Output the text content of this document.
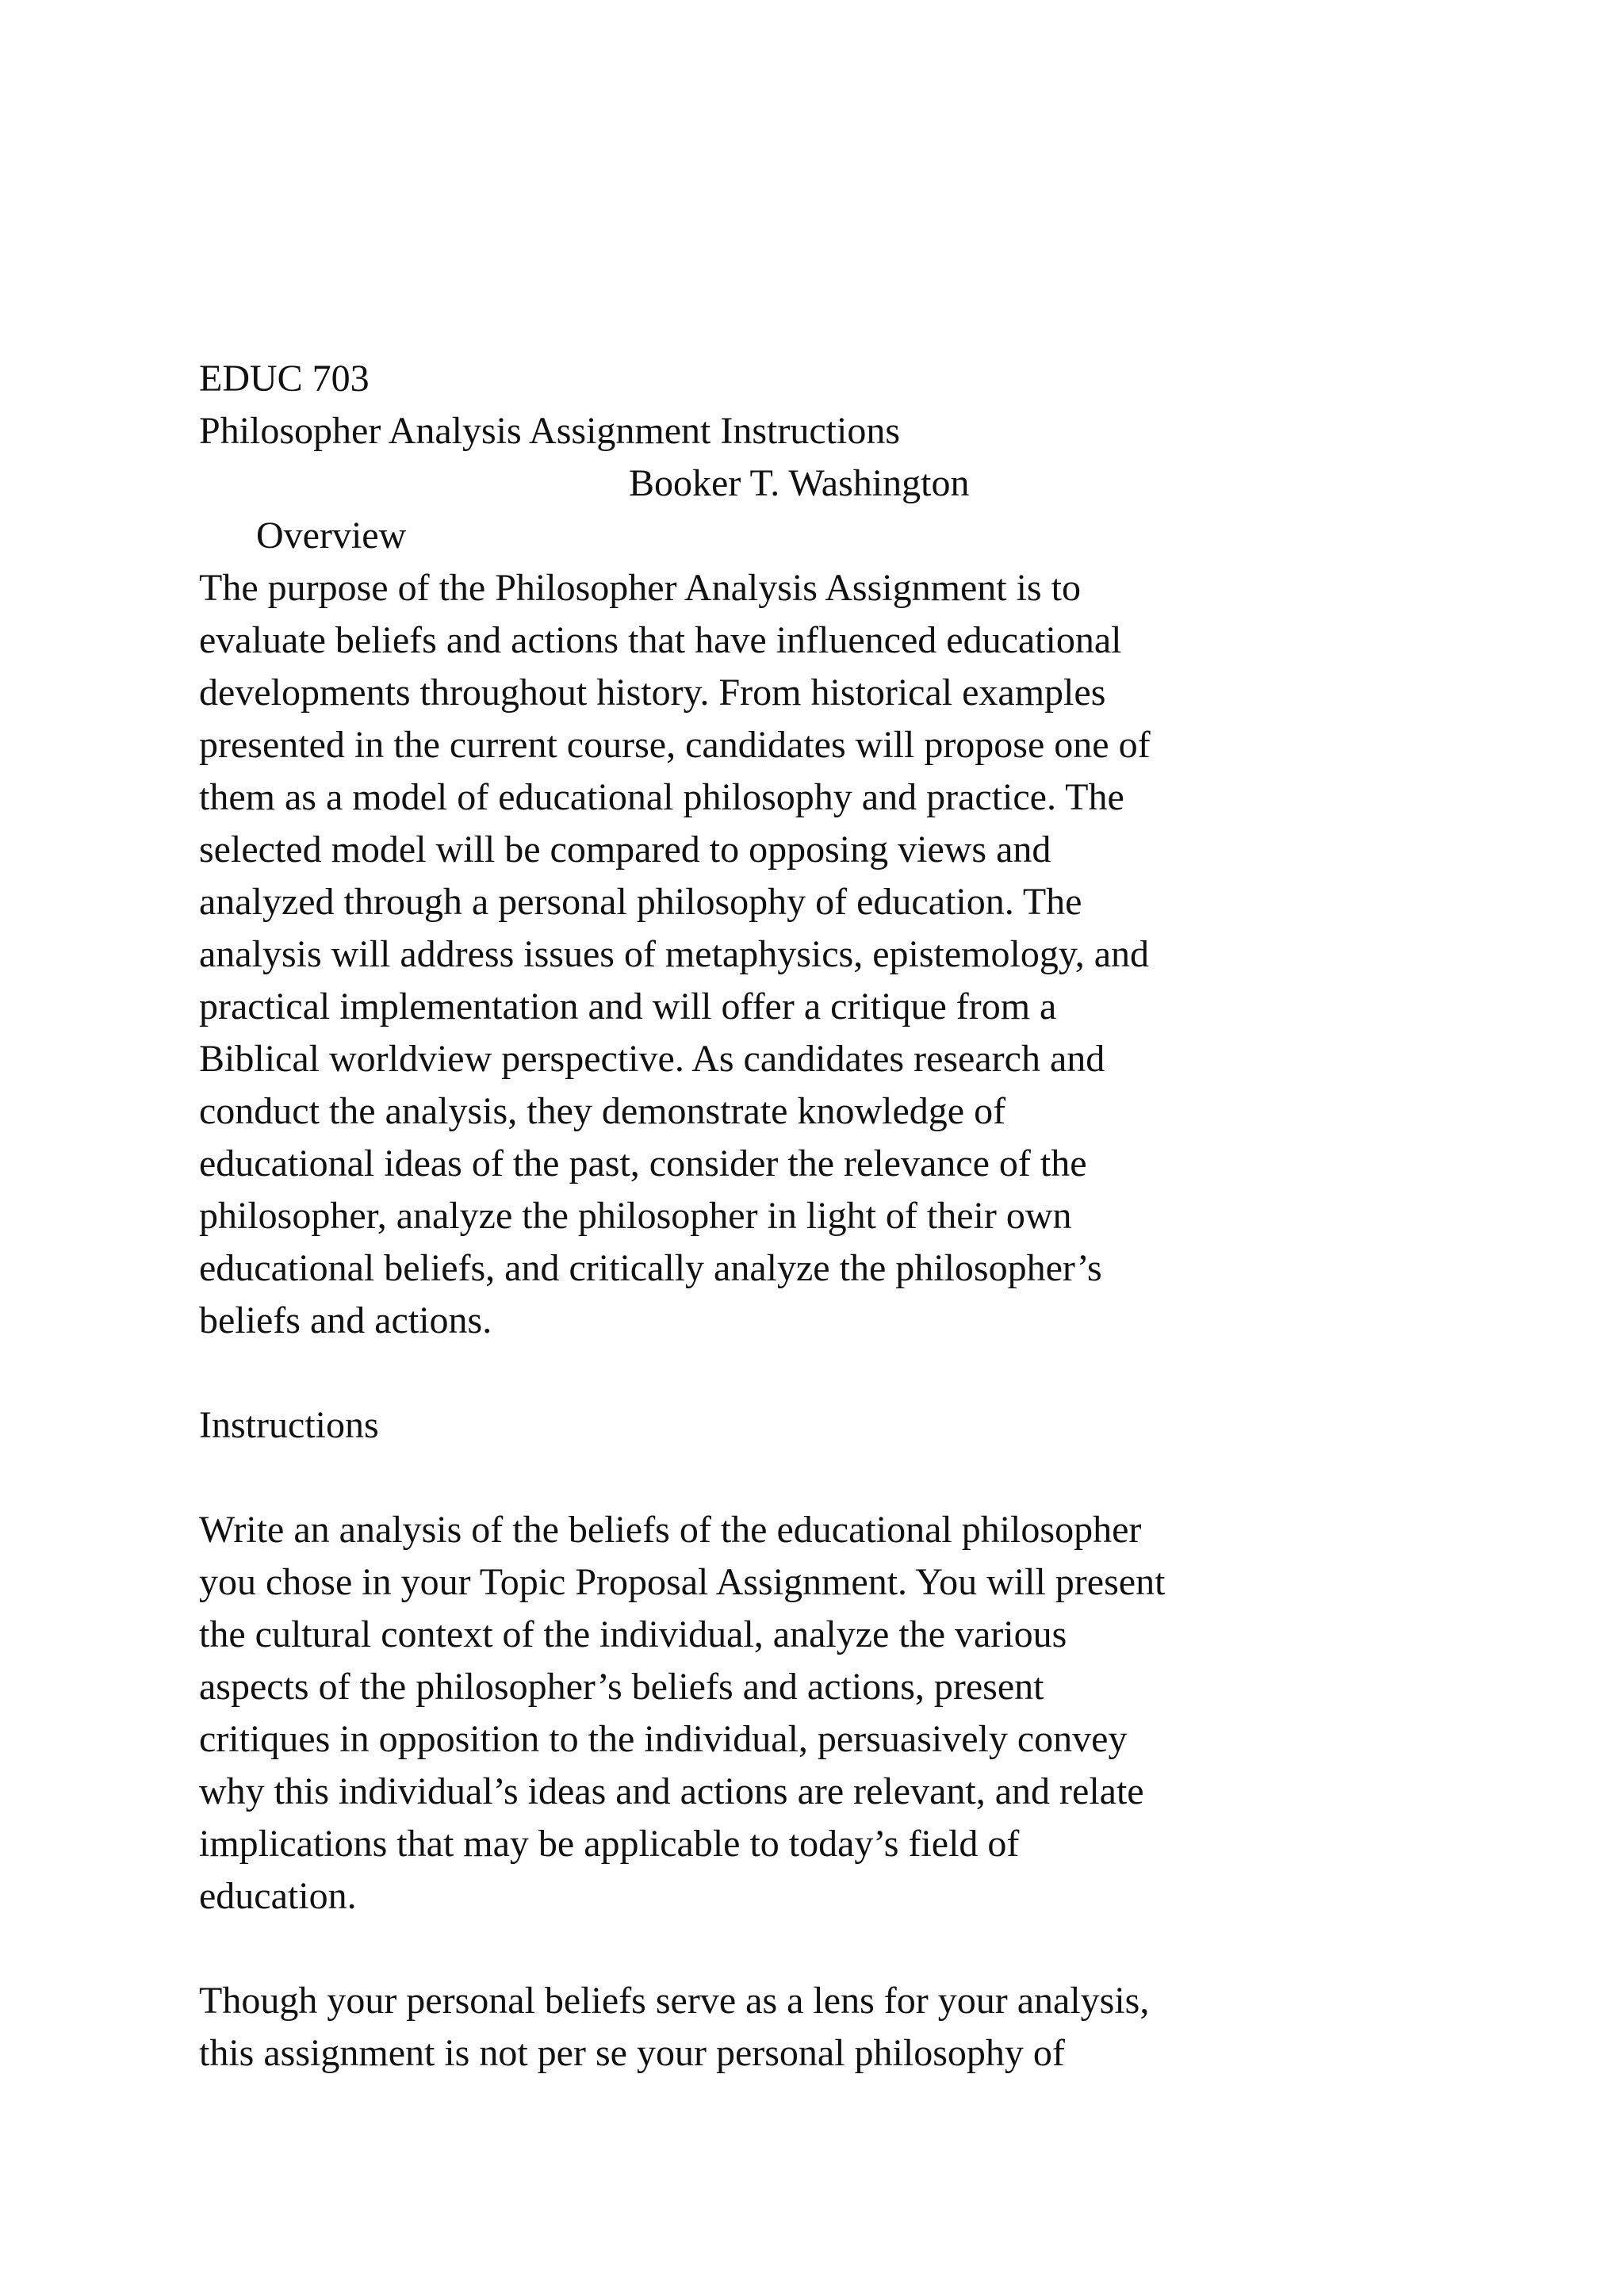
EDUC 703
Philosopher Analysis Assignment Instructions

Overview

Booker T. Washington

The purpose of the Philosopher Analysis Assignment is to
evaluate beliefs and actions that have influenced educational
developments throughout history. From historical examples
presented in the current course, candidates will propose one of
them as a model of educational philosophy and practice. The
selected model will be compared to opposing views and
analyzed through a personal philosophy of education. The
analysis will address issues of metaphysics, epistemology, and
practical implementation and will offer a critique from a
Biblical worldview perspective. As candidates research and
conduct the analysis, they demonstrate knowledge of
educational ideas of the past, consider the relevance of the
philosopher, analyze the philosopher in light of their own
educational beliefs, and critically analyze the philosopher’s
beliefs and actions.
Instructions
Write an analysis of the beliefs of the educational philosopher
you chose in your Topic Proposal Assignment. You will present
the cultural context of the individual, analyze the various
aspects of the philosopher’s beliefs and actions, present
critiques in opposition to the individual, persuasively convey
why this individual’s ideas and actions are relevant, and relate
implications that may be applicable to today’s field of
education.
Though your personal beliefs serve as a lens for your analysis,
this assignment is not per se your personal philosophy of
